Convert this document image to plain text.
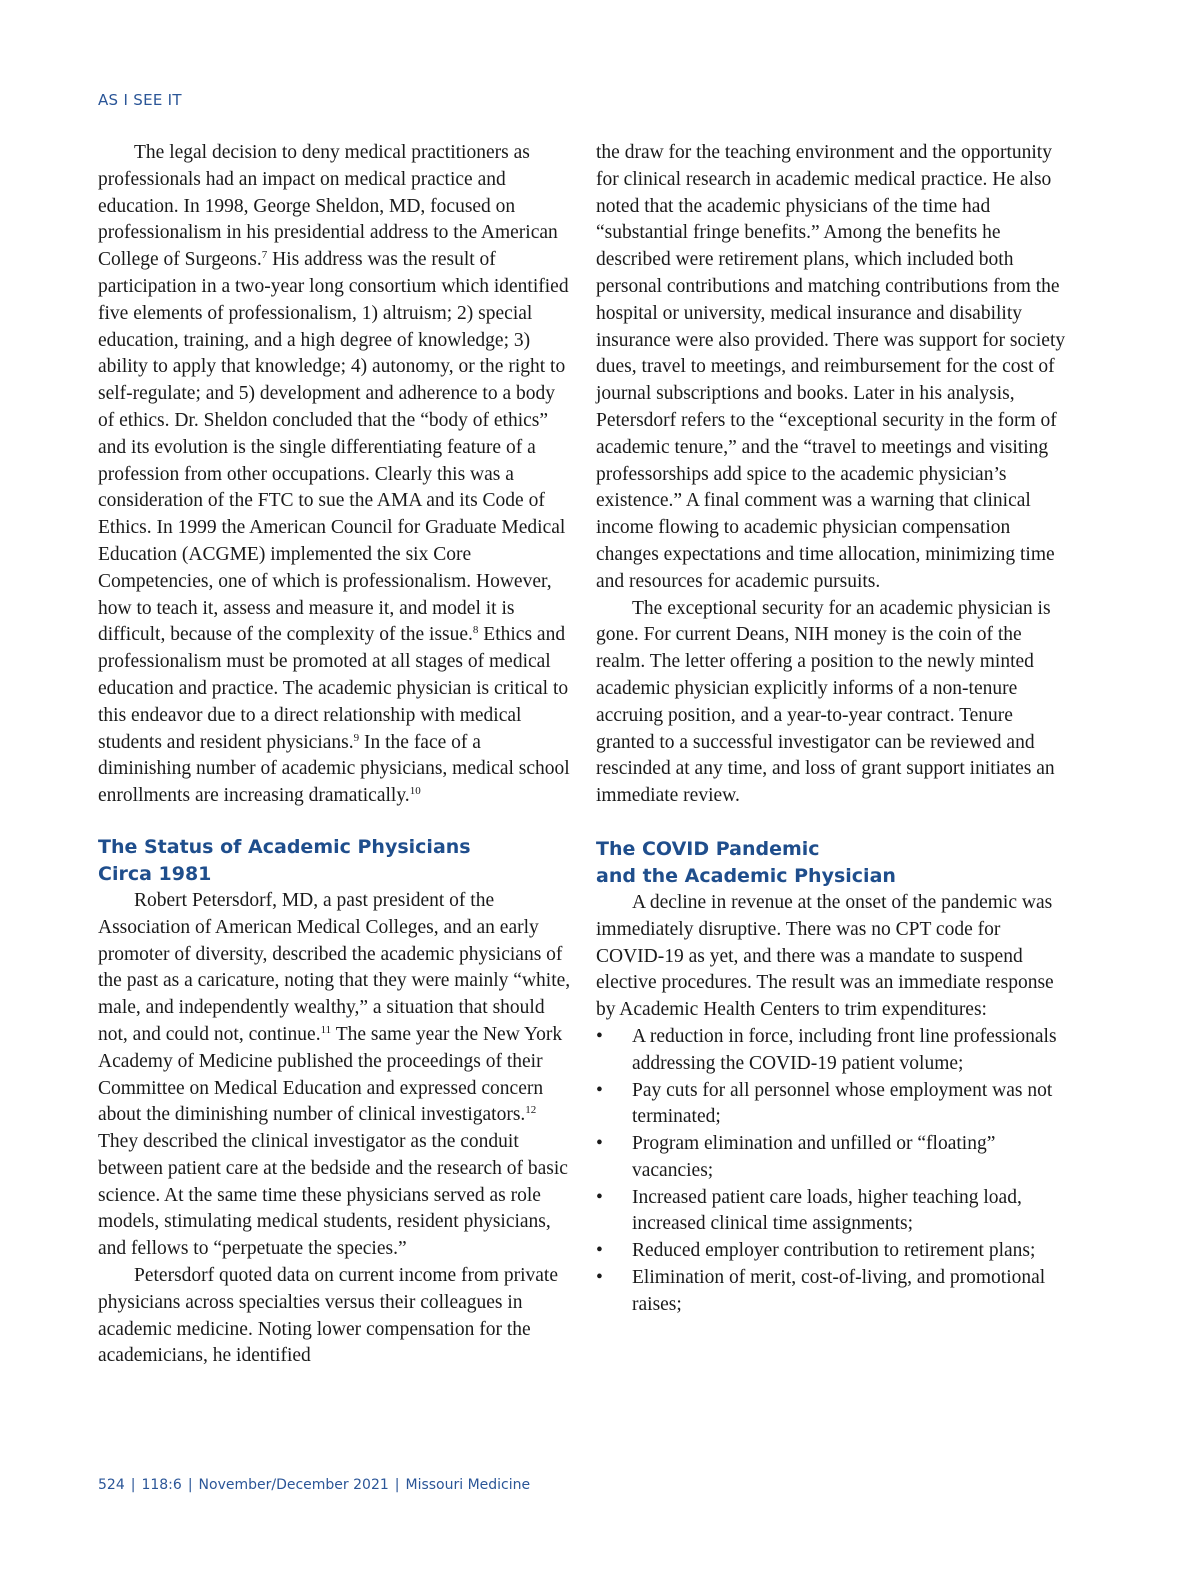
AS I SEE IT

The legal decision to deny medical practitioners as professionals had an impact on medical practice and education. In 1998, George Sheldon, MD, focused on professionalism in his presidential address to the American College of Surgeons.$^7$ His address was the result of participation in a two-year long consortium which identified five elements of professionalism, 1) altruism; 2) special education, training, and a high degree of knowledge; 3) ability to apply that knowledge; 4) autonomy, or the right to self-regulate; and 5) development and adherence to a body of ethics. Dr. Sheldon concluded that the “body of ethics” and its evolution is the single differentiating feature of a profession from other occupations. Clearly this was a consideration of the FTC to sue the AMA and its Code of Ethics. In 1999 the American Council for Graduate Medical Education (ACGME) implemented the six Core Competencies, one of which is professionalism. However, how to teach it, assess and measure it, and model it is difficult, because of the complexity of the issue.$^8$ Ethics and professionalism must be promoted at all stages of medical education and practice. The academic physician is critical to this endeavor due to a direct relationship with medical students and resident physicians.$^9$ In the face of a diminishing number of academic physicians, medical school enrollments are increasing dramatically.$^{10}$

The Status of Academic Physicians
Circa 1981

Robert Petersdorf, MD, a past president of the Association of American Medical Colleges, and an early promoter of diversity, described the academic physicians of the past as a caricature, noting that they were mainly “white, male, and independently wealthy,” a situation that should not, and could not, continue.$^{11}$ The same year the New York Academy of Medicine published the proceedings of their Committee on Medical Education and expressed concern about the diminishing number of clinical investigators.$^{12}$ They described the clinical investigator as the conduit between patient care at the bedside and the research of basic science. At the same time these physicians served as role models, stimulating medical students, resident physicians, and fellows to “perpetuate the species.”

Petersdorf quoted data on current income from private physicians across specialties versus their colleagues in academic medicine. Noting lower compensation for the academicians, he identified

the draw for the teaching environment and the opportunity for clinical research in academic medical practice. He also noted that the academic physicians of the time had “substantial fringe benefits.” Among the benefits he described were retirement plans, which included both personal contributions and matching contributions from the hospital or university, medical insurance and disability insurance were also provided. There was support for society dues, travel to meetings, and reimbursement for the cost of journal subscriptions and books. Later in his analysis, Petersdorf refers to the “exceptional security in the form of academic tenure,” and the “travel to meetings and visiting professorships add spice to the academic physician’s existence.” A final comment was a warning that clinical income flowing to academic physician compensation changes expectations and time allocation, minimizing time and resources for academic pursuits.

The exceptional security for an academic physician is gone. For current Deans, NIH money is the coin of the realm. The letter offering a position to the newly minted academic physician explicitly informs of a non-tenure accruing position, and a year-to-year contract. Tenure granted to a successful investigator can be reviewed and rescinded at any time, and loss of grant support initiates an immediate review.

The COVID Pandemic
and the Academic Physician

A decline in revenue at the onset of the pandemic was immediately disruptive. There was no CPT code for COVID-19 as yet, and there was a mandate to suspend elective procedures. The result was an immediate response by Academic Health Centers to trim expenditures:

• A reduction in force, including front line professionals addressing the COVID-19 patient volume;
• Pay cuts for all personnel whose employment was not terminated;
• Program elimination and unfilled or “floating” vacancies;
• Increased patient care loads, higher teaching load, increased clinical time assignments;
• Reduced employer contribution to retirement plans;
• Elimination of merit, cost-of-living, and promotional raises;
524 | 118:6 | November/December 2021 | Missouri Medicine
